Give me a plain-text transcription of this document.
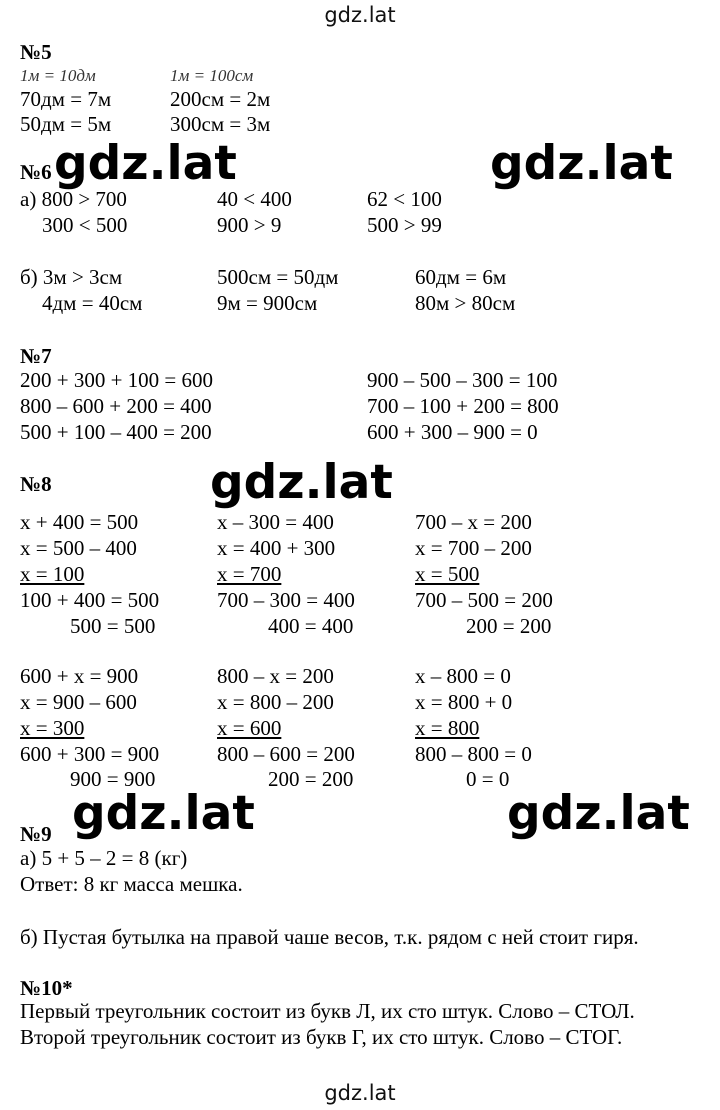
gdz.lat
№5
1м = 10дм	1м = 100см
70дм = 7м	200см = 2м
50дм = 5м	300см = 3м
№6
а) 800 > 700	40 < 400	62 < 100
300 < 500	900 > 9	500 > 99
б) 3м > 3см	500см = 50дм	60дм = 6м
4дм = 40см	9м = 900см	80м > 80см
№7
200 + 300 + 100 = 600	900 – 500 – 300 = 100
800 – 600 + 200 = 400	700 – 100 + 200 = 800
500 + 100 – 400 = 200	600 + 300 – 900 = 0
№8
x + 400 = 500	x – 300 = 400	700 – x = 200
x = 500 – 400	x = 400 + 300	x = 700 – 200
x = 100	x = 700	x = 500
100 + 400 = 500	700 – 300 = 400	700 – 500 = 200
500 = 500	400 = 400	200 = 200
600 + x = 900	800 – x = 200	x – 800 = 0
x = 900 – 600	x = 800 – 200	x = 800 + 0
x = 300	x = 600	x = 800
600 + 300 = 900	800 – 600 = 200	800 – 800 = 0
900 = 900	200 = 200	0 = 0
№9
а) 5 + 5 – 2 = 8 (кг)
Ответ: 8 кг масса мешка.
б) Пустая бутылка на правой чаше весов, т.к. рядом с ней стоит гиря.
№10*
Первый треугольник состоит из букв Л, их сто штук. Слово – СТОЛ.
Второй треугольник состоит из букв Г, их сто штук. Слово – СТОГ.
gdz.lat
gdz.lat	gdz.lat
gdz.lat
gdz.lat	gdz.lat
